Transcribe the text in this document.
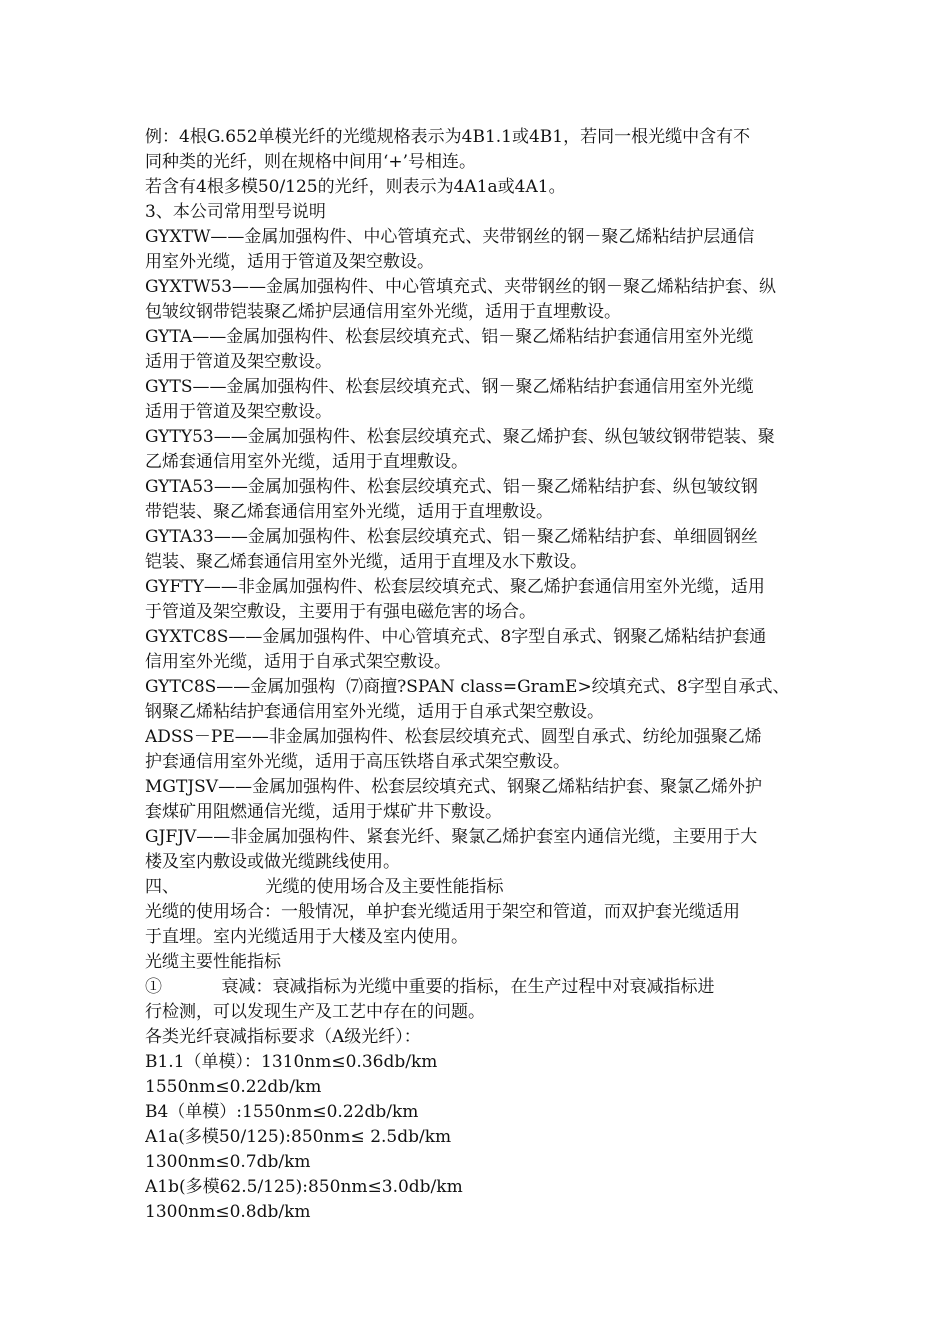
例：4根G.652单模光纤的光缆规格表示为4B1.1或4B1，若同一根光缆中含有不
同种类的光纤，则在规格中间用‘+’号相连。
若含有4根多模50/125的光纤，则表示为4A1a或4A1。
3、本公司常用型号说明
GYXTW——金属加强构件、中心管填充式、夹带钢丝的钢－聚乙烯粘结护层通信
用室外光缆，适用于管道及架空敷设。
GYXTW53——金属加强构件、中心管填充式、夹带钢丝的钢－聚乙烯粘结护套、纵
包皱纹钢带铠装聚乙烯护层通信用室外光缆，适用于直埋敷设。
GYTA——金属加强构件、松套层绞填充式、铝－聚乙烯粘结护套通信用室外光缆
适用于管道及架空敷设。
GYTS——金属加强构件、松套层绞填充式、钢－聚乙烯粘结护套通信用室外光缆
适用于管道及架空敷设。
GYTY53——金属加强构件、松套层绞填充式、聚乙烯护套、纵包皱纹钢带铠装、聚
乙烯套通信用室外光缆，适用于直埋敷设。
GYTA53——金属加强构件、松套层绞填充式、铝－聚乙烯粘结护套、纵包皱纹钢
带铠装、聚乙烯套通信用室外光缆，适用于直埋敷设。
GYTA33——金属加强构件、松套层绞填充式、铝－聚乙烯粘结护套、单细圆钢丝
铠装、聚乙烯套通信用室外光缆，适用于直埋及水下敷设。
GYFTY——非金属加强构件、松套层绞填充式、聚乙烯护套通信用室外光缆，适用
于管道及架空敷设，主要用于有强电磁危害的场合。
GYXTC8S——金属加强构件、中心管填充式、8字型自承式、钢聚乙烯粘结护套通
信用室外光缆，适用于自承式架空敷设。
GYTC8S——金属加强构  ⑺商擅?SPAN class=GramE>绞填充式、8字型自承式、
钢聚乙烯粘结护套通信用室外光缆，适用于自承式架空敷设。
ADSS－PE——非金属加强构件、松套层绞填充式、圆型自承式、纺纶加强聚乙烯
护套通信用室外光缆，适用于高压铁塔自承式架空敷设。
MGTJSV——金属加强构件、松套层绞填充式、钢聚乙烯粘结护套、聚氯乙烯外护
套煤矿用阻燃通信光缆，适用于煤矿井下敷设。
GJFJV——非金属加强构件、紧套光纤、聚氯乙烯护套室内通信光缆，主要用于大
楼及室内敷设或做光缆跳线使用。
四、                光缆的使用场合及主要性能指标
光缆的使用场合：一般情况，单护套光缆适用于架空和管道，而双护套光缆适用
于直埋。室内光缆适用于大楼及室内使用。
光缆主要性能指标
①           衰减：衰减指标为光缆中重要的指标，在生产过程中对衰减指标进
行检测，可以发现生产及工艺中存在的问题。
各类光纤衰减指标要求（A级光纤）：
B1.1（单模）：1310nm≤0.36db/km
1550nm≤0.22db/km
B4（单模）:1550nm≤0.22db/km
A1a(多模50/125):850nm≤ 2.5db/km
1300nm≤0.7db/km
A1b(多模62.5/125):850nm≤3.0db/km
1300nm≤0.8db/km
